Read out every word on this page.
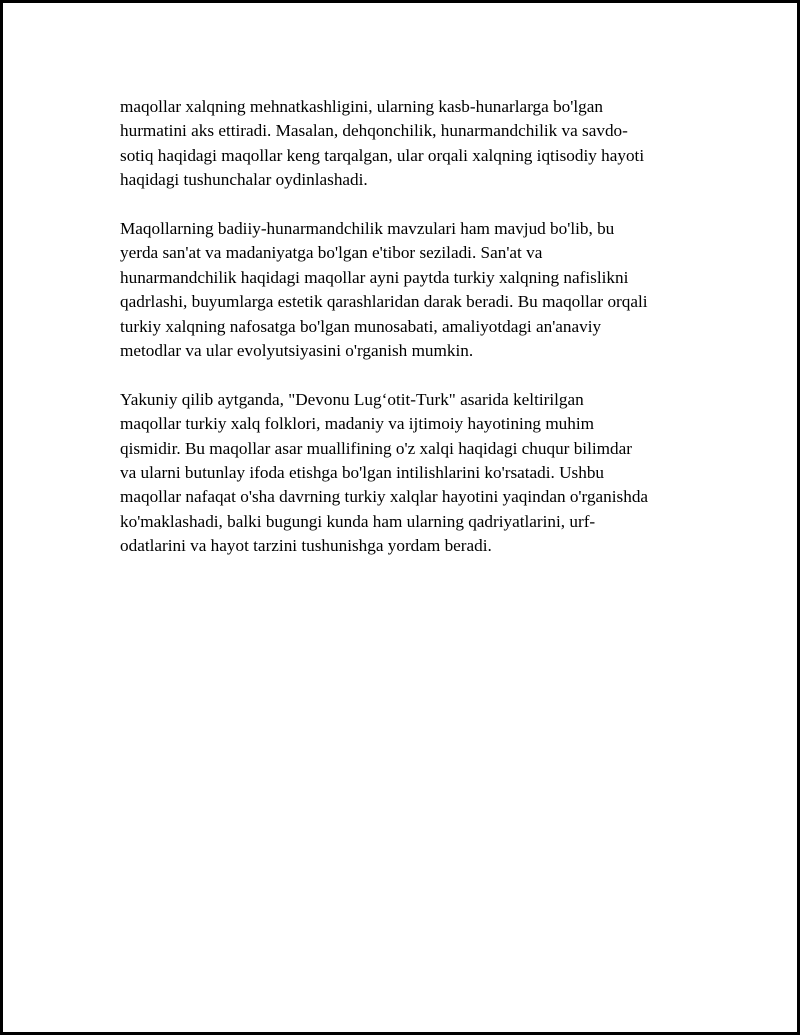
maqollar xalqning mehnatkashligini, ularning kasb-hunarlarga bo'lgan
hurmatini aks ettiradi. Masalan, dehqonchilik, hunarmandchilik va savdo-
sotiq haqidagi maqollar keng tarqalgan, ular orqali xalqning iqtisodiy hayoti
haqidagi tushunchalar oydinlashadi.

Maqollarning badiiy-hunarmandchilik mavzulari ham mavjud bo'lib, bu
yerda san'at va madaniyatga bo'lgan e'tibor seziladi. San'at va
hunarmandchilik haqidagi maqollar ayni paytda turkiy xalqning nafislikni
qadrlashi, buyumlarga estetik qarashlaridan darak beradi. Bu maqollar orqali
turkiy xalqning nafosatga bo'lgan munosabati, amaliyotdagi an'anaviy
metodlar va ular evolyutsiyasini o'rganish mumkin.

Yakuniy qilib aytganda, "Devonu Lug‘otit-Turk" asarida keltirilgan
maqollar turkiy xalq folklori, madaniy va ijtimoiy hayotining muhim
qismidir. Bu maqollar asar muallifining o'z xalqi haqidagi chuqur bilimdar
va ularni butunlay ifoda etishga bo'lgan intilishlarini ko'rsatadi. Ushbu
maqollar nafaqat o'sha davrning turkiy xalqlar hayotini yaqindan o'rganishda
ko'maklashadi, balki bugungi kunda ham ularning qadriyatlarini, urf-
odatlarini va hayot tarzini tushunishga yordam beradi.
